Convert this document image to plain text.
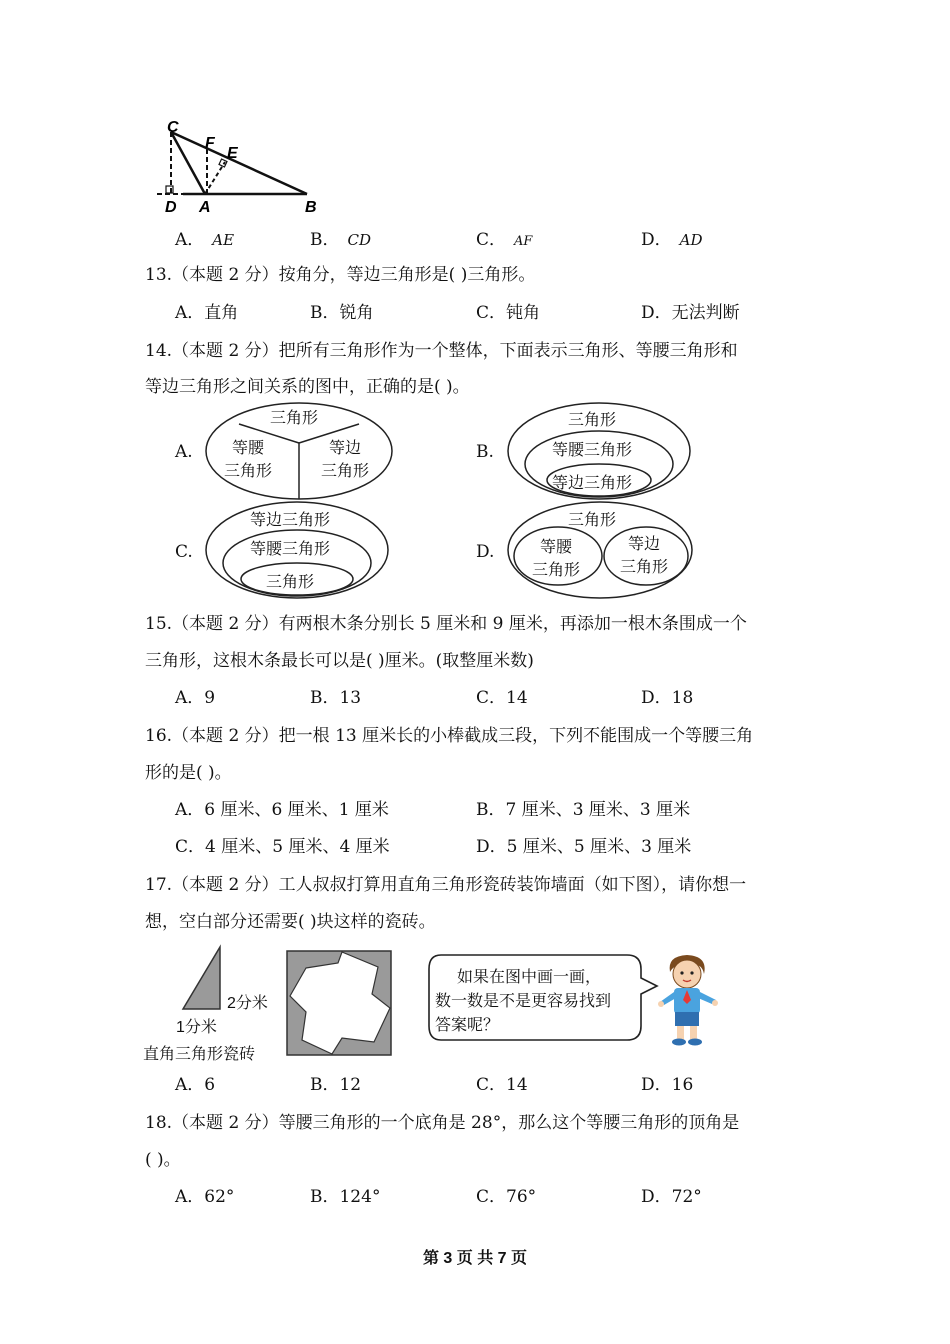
C
F
E
D A	B
A． AE	B． CD	C． AF	D． AD
13.（本题 2 分）按角分，等边三角形是( )三角形。
A．直角	B．锐角	C．钝角	D．无法判断
14.（本题 2 分）把所有三角形作为一个整体，下面表示三角形、等腰三角形和
等边三角形之间关系的图中，正确的是( )。
A.
三角形
等腰
三角形
等边
三角形
B.
三角形
等腰三角形
等边三角形
C.
等边三角形
等腰三角形
三角形
D.
三角形
等腰
三角形
等边
三角形
15.（本题 2 分）有两根木条分别长 5 厘米和 9 厘米，再添加一根木条围成一个
三角形，这根木条最长可以是( )厘米。(取整厘米数)
A．9	B．13	C．14	D．18
16.（本题 2 分）把一根 13 厘米长的小棒截成三段，下列不能围成一个等腰三角
形的是( )。
A．6 厘米、6 厘米、1 厘米	B．7 厘米、3 厘米、3 厘米
C．4 厘米、5 厘米、4 厘米	D．5 厘米、5 厘米、3 厘米
17.（本题 2 分）工人叔叔打算用直角三角形瓷砖装饰墙面（如下图），请你想一
想，空白部分还需要( )块这样的瓷砖。
2分米
1分米
直角三角形瓷砖
如果在图中画一画，
数一数是不是更容易找到
答案呢？
A．6	B．12	C．14	D．16
18.（本题 2 分）等腰三角形的一个底角是 28°，那么这个等腰三角形的顶角是
( )。
A．62°	B．124°	C．76°	D．72°
第 3 页 共 7 页
